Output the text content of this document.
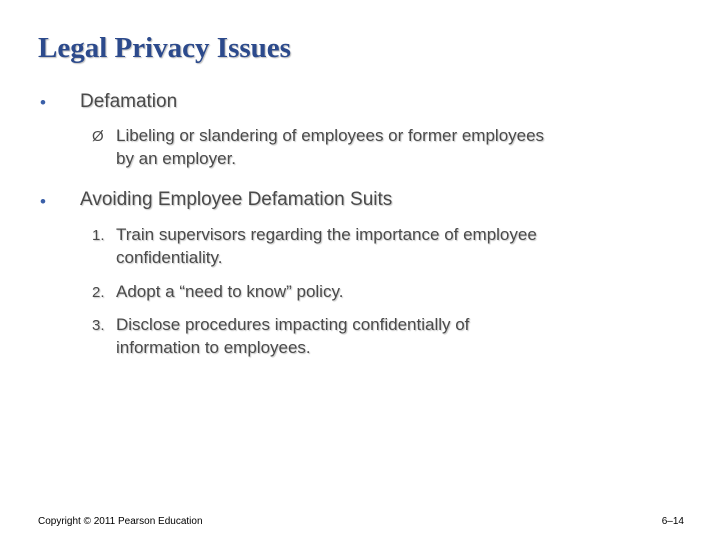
Legal Privacy Issues
• Defamation
Ø Libeling or slandering of employees or former employees
by an employer.
• Avoiding Employee Defamation Suits
1. Train supervisors regarding the importance of employee
confidentiality.
2. Adopt a “need to know” policy.
3. Disclose procedures impacting confidentially of
information to employees.
Copyright © 2011 Pearson Education	6–14
